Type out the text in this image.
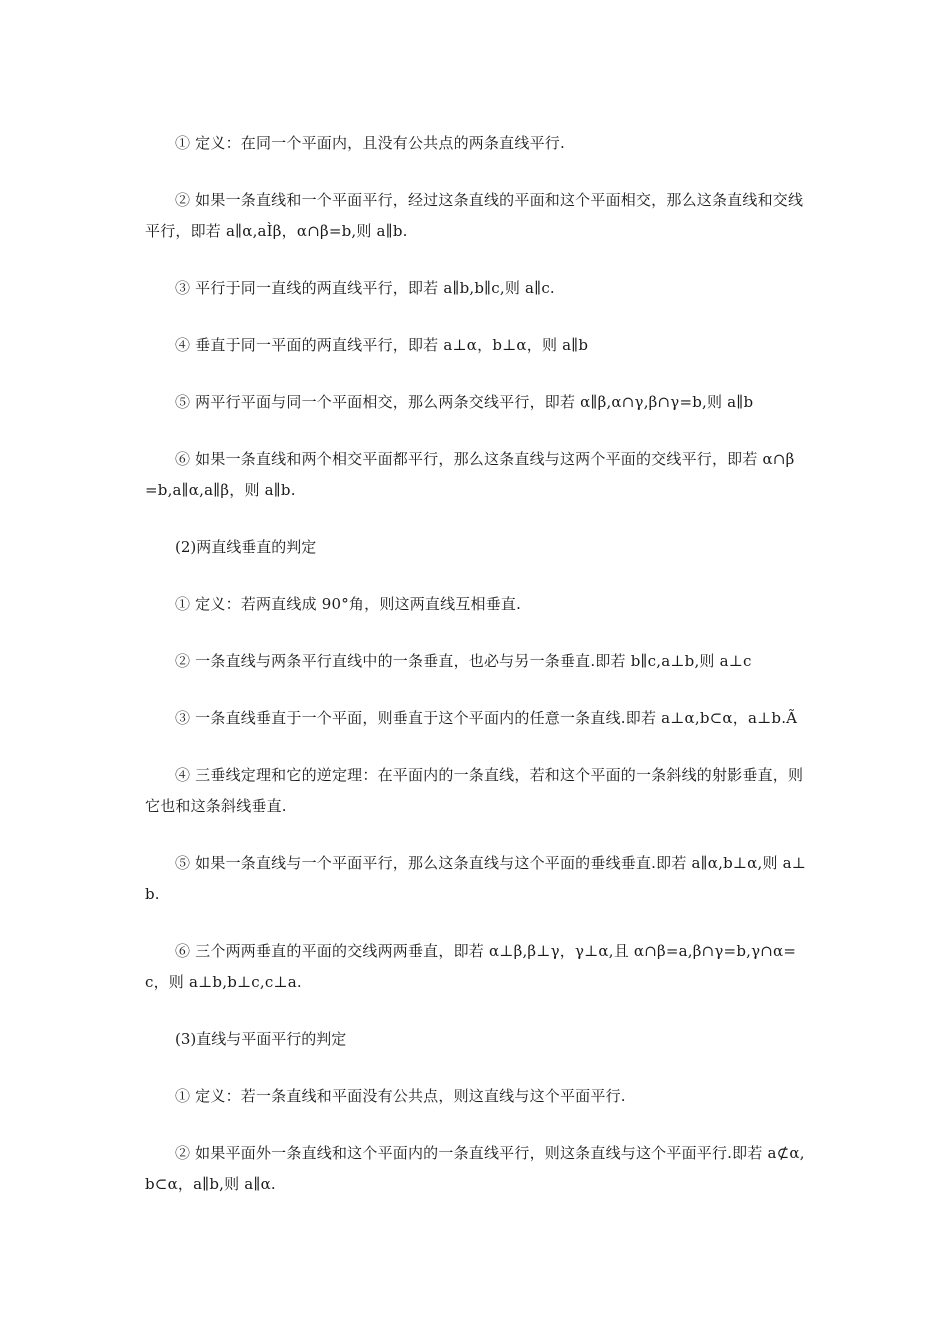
① 定义：在同一个平面内，且没有公共点的两条直线平行.

② 如果一条直线和一个平面平行，经过这条直线的平面和这个平面相交，那么这条直线和交线平行，即若 a∥α,aÌβ，α∩β=b,则 a∥b.

③ 平行于同一直线的两直线平行，即若 a∥b,b∥c,则 a∥c.

④ 垂直于同一平面的两直线平行，即若 a⊥α，b⊥α，则 a∥b

⑤ 两平行平面与同一个平面相交，那么两条交线平行，即若 α∥β,α∩γ,β∩γ=b,则 a∥b

⑥ 如果一条直线和两个相交平面都平行，那么这条直线与这两个平面的交线平行，即若 α∩β=b,a∥α,a∥β，则 a∥b.

(2)两直线垂直的判定

① 定义：若两直线成 90°角，则这两直线互相垂直.

② 一条直线与两条平行直线中的一条垂直，也必与另一条垂直.即若 b∥c,a⊥b,则 a⊥c

③ 一条直线垂直于一个平面，则垂直于这个平面内的任意一条直线.即若 a⊥α,b⊂α，a⊥b.Ã

④ 三垂线定理和它的逆定理：在平面内的一条直线，若和这个平面的一条斜线的射影垂直，则它也和这条斜线垂直.

⑤ 如果一条直线与一个平面平行，那么这条直线与这个平面的垂线垂直.即若 a∥α,b⊥α,则 a⊥b.

⑥ 三个两两垂直的平面的交线两两垂直，即若 α⊥β,β⊥γ，γ⊥α,且 α∩β=a,β∩γ=b,γ∩α=c，则 a⊥b,b⊥c,c⊥a.

(3)直线与平面平行的判定

① 定义：若一条直线和平面没有公共点，则这直线与这个平面平行.

② 如果平面外一条直线和这个平面内的一条直线平行，则这条直线与这个平面平行.即若 a⊄α,b⊂α，a∥b,则 a∥α.
